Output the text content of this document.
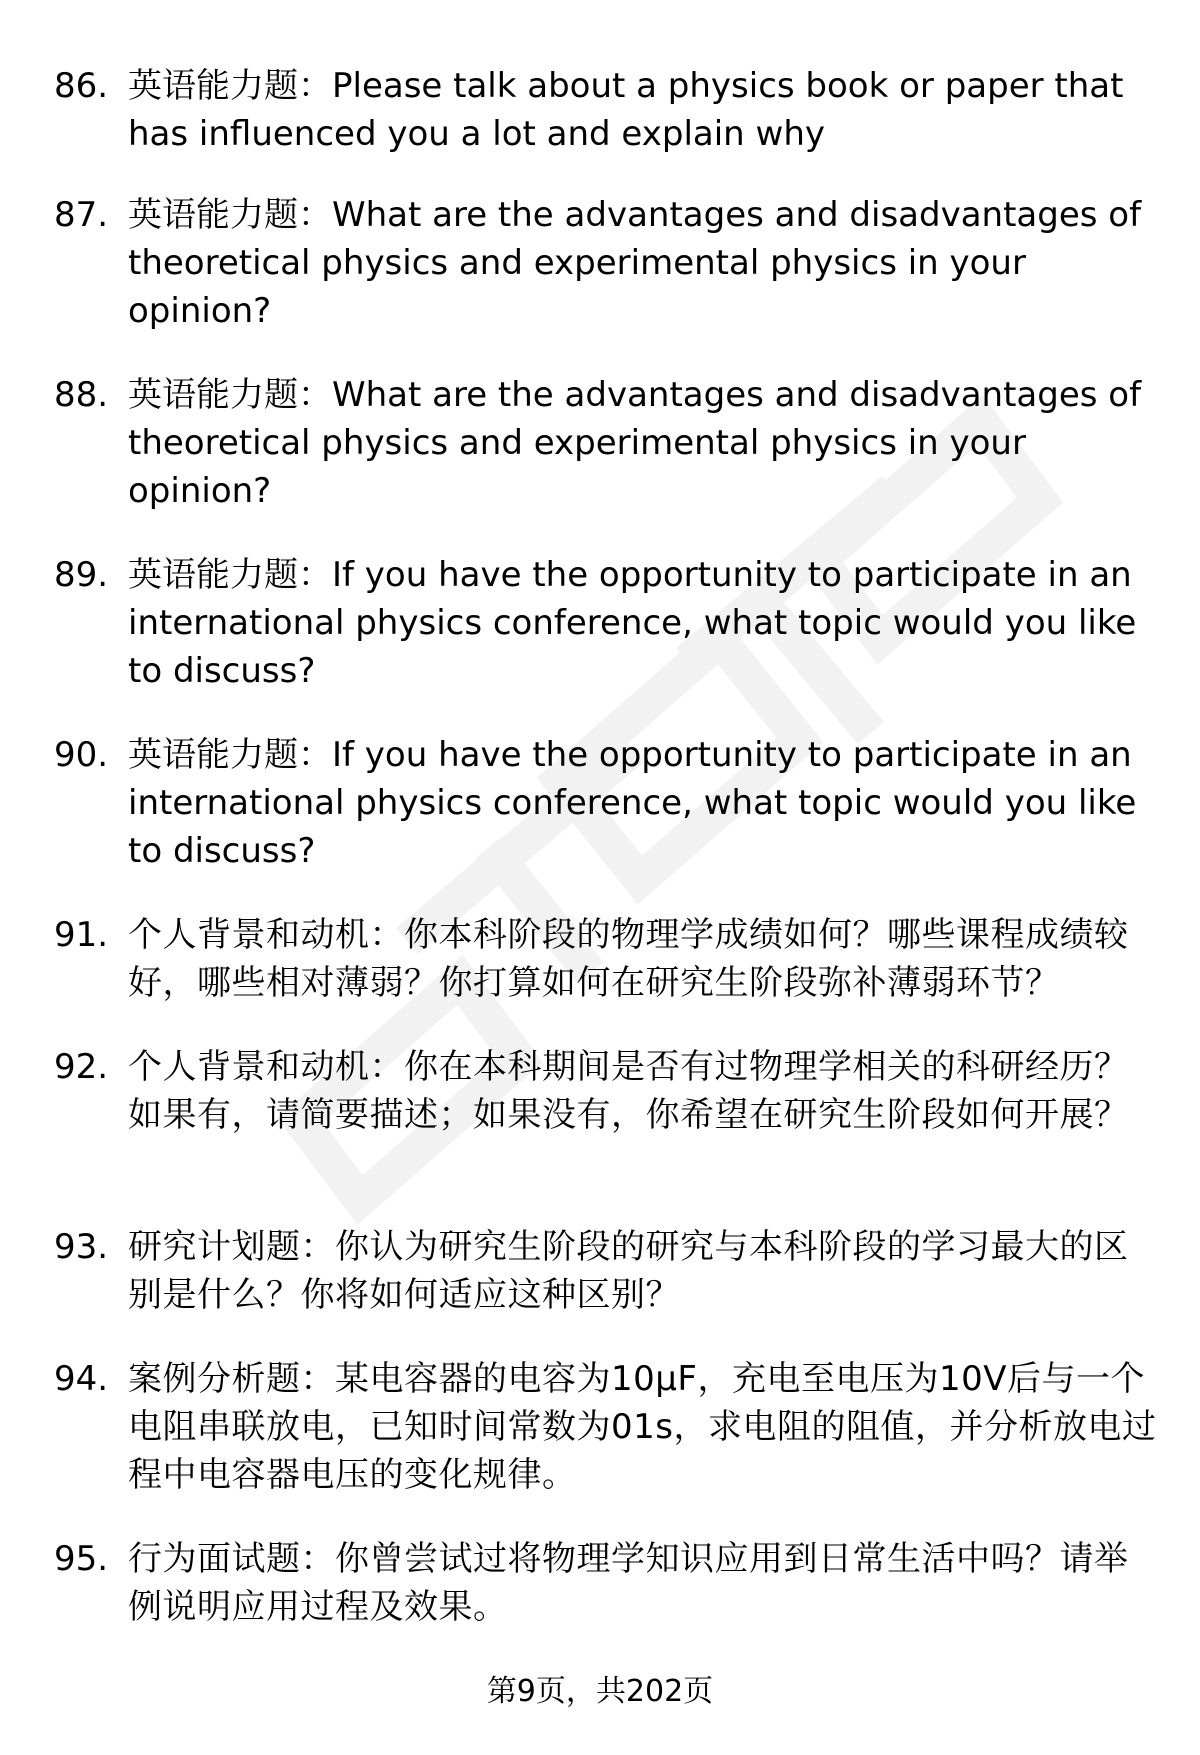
86. 英语能力题：Please talk about a physics book or paper that has influenced you a lot and explain why

87. 英语能力题：What are the advantages and disadvantages of theoretical physics and experimental physics in your opinion?

88. 英语能力题：What are the advantages and disadvantages of theoretical physics and experimental physics in your opinion?

89. 英语能力题：If you have the opportunity to participate in an international physics conference, what topic would you like to discuss?

90. 英语能力题：If you have the opportunity to participate in an international physics conference, what topic would you like to discuss?

91. 个人背景和动机：你本科阶段的物理学成绩如何？哪些课程成绩较好，哪些相对薄弱？你打算如何在研究生阶段弥补薄弱环节？

92. 个人背景和动机：你在本科期间是否有过物理学相关的科研经历？如果有，请简要描述；如果没有，你希望在研究生阶段如何开展？

93. 研究计划题：你认为研究生阶段的研究与本科阶段的学习最大的区别是什么？你将如何适应这种区别？

94. 案例分析题：某电容器的电容为10μF，充电至电压为10V后与一个电阻串联放电，已知时间常数为01s，求电阻的阻值，并分析放电过程中电容器电压的变化规律。

95. 行为面试题：你曾尝试过将物理学知识应用到日常生活中吗？请举例说明应用过程及效果。

第9页，共202页
